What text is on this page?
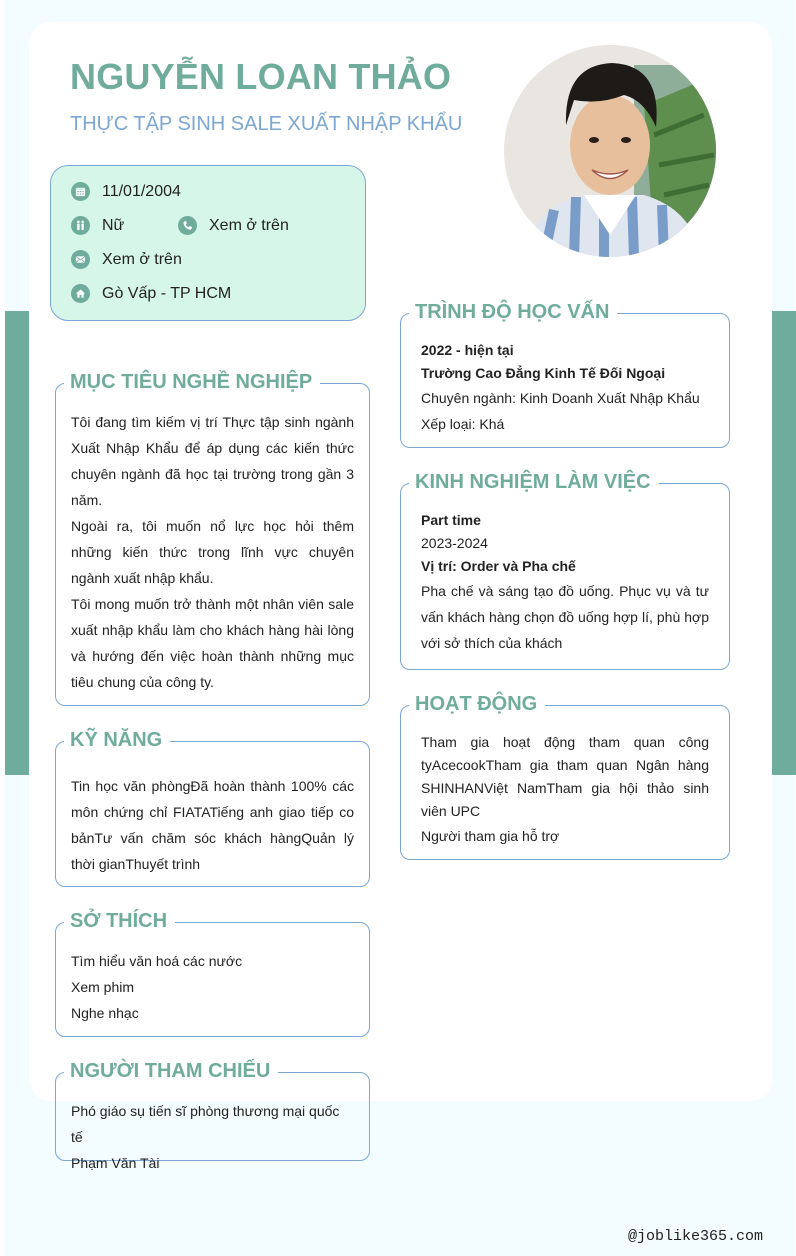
NGUYỄN LOAN THẢO
THỰC TẬP SINH SALE XUẤT NHẬP KHẨU
11/01/2004
Nữ	Xem ở trên
Xem ở trên
Gò Vấp - TP HCM
MỤC TIÊU NGHỀ NGHIỆP

Tôi đang tìm kiếm vị trí Thực tập sinh ngành Xuất Nhập Khẩu để áp dụng các kiến thức chuyên ngành đã học tại trường trong gần 3 năm.

Ngoài ra, tôi muốn nổ lực học hỏi thêm những kiến thức trong lĩnh vực chuyên ngành xuất nhập khẩu.

Tôi mong muốn trở thành một nhân viên sale xuất nhập khẩu làm cho khách hàng hài lòng và hướng đến việc hoàn thành những mục tiêu chung của công ty.

KỸ NĂNG

Tin học văn phòngĐã hoàn thành 100% các môn chứng chỉ FIATATiếng anh giao tiếp co bảnTư vấn chăm sóc khách hàngQuản lý thời gianThuyết trình

SỞ THÍCH

Tìm hiểu văn hoá các nước

Xem phim

Nghe nhạc

NGƯỜI THAM CHIẾU

Phó giáo sụ tiến sĩ phòng thương mại quốc tế

Phạm Văn Tài

TRÌNH ĐỘ HỌC VẤN

2022 - hiện tại

Trường Cao Đẳng Kinh Tế Đối Ngoại

Chuyên ngành: Kinh Doanh Xuất Nhập Khẩu

Xếp loại: Khá

KINH NGHIỆM LÀM VIỆC

Part time

2023-2024

Vị trí: Order và Pha chế

Pha chế và sáng tạo đồ uống. Phục vụ và tư vấn khách hàng chọn đồ uống hợp lí, phù hợp với sở thích của khách

HOẠT ĐỘNG

Tham gia hoạt động tham quan công tyAcecookTham gia tham quan Ngân hàng SHINHANViệt NamTham gia hội thảo sinh viên UPC

Người tham gia hỗ trợ

@joblike365.com
